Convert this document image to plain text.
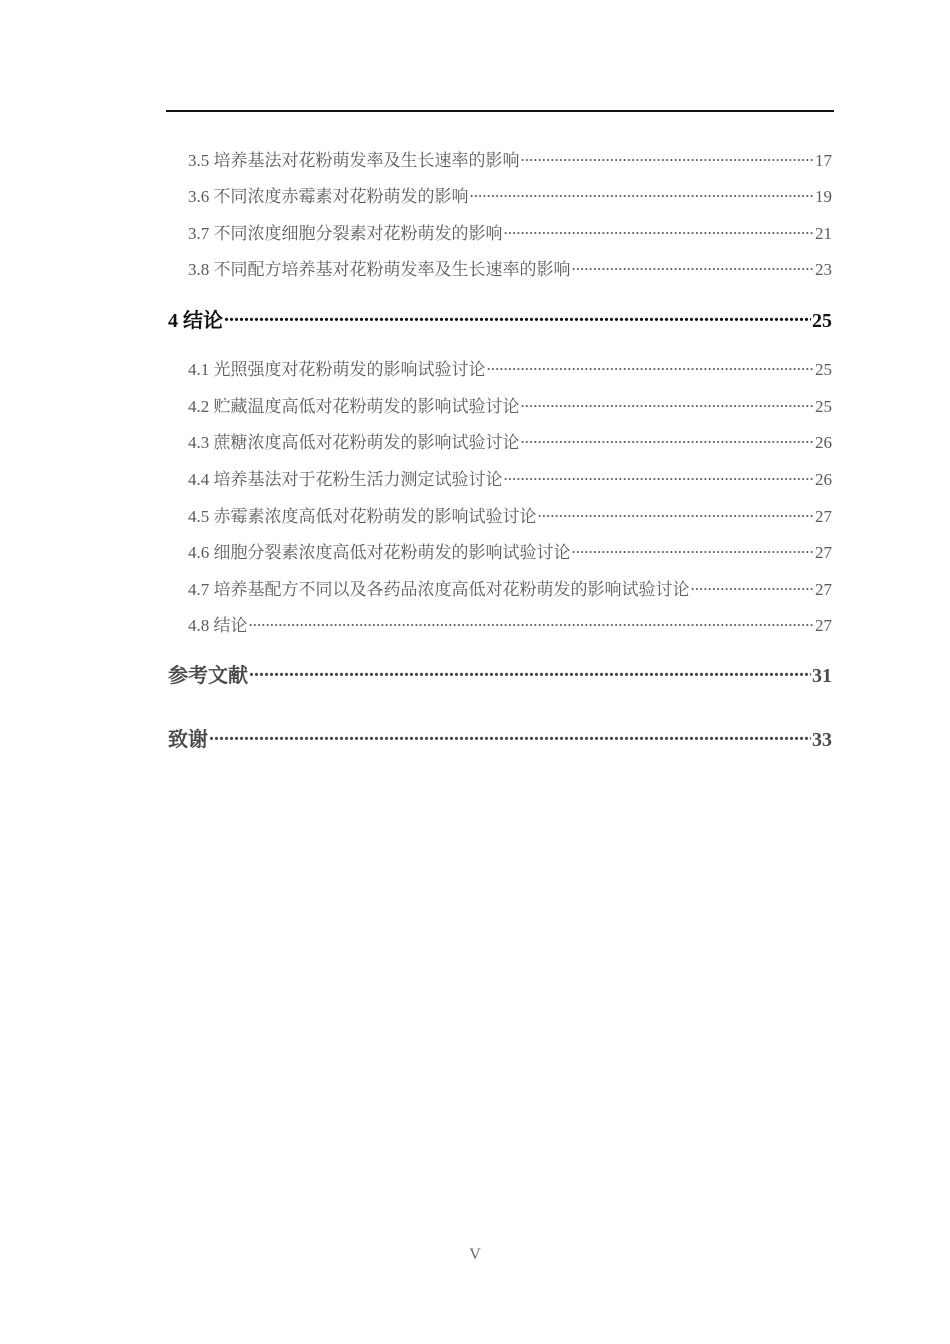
3.5 培养基法对花粉萌发率及生长速率的影响 .....	17
3.6 不同浓度赤霉素对花粉萌发的影响 .....	19
3.7 不同浓度细胞分裂素对花粉萌发的影响 .....	21
3.8 不同配方培养基对花粉萌发率及生长速率的影响 .....	23
4 结论 .....	25
4.1 光照强度对花粉萌发的影响试验讨论 .....	25
4.2 贮藏温度高低对花粉萌发的影响试验讨论 .....	25
4.3 蔗糖浓度高低对花粉萌发的影响试验讨论 .....	26
4.4 培养基法对于花粉生活力测定试验讨论 .....	26
4.5 赤霉素浓度高低对花粉萌发的影响试验讨论 .....	27
4.6 细胞分裂素浓度高低对花粉萌发的影响试验讨论 .....	27
4.7 培养基配方不同以及各药品浓度高低对花粉萌发的影响试验讨论 .....	27
4.8 结论 .....	27
参考文献 .....	31
致谢 .....	33
V
